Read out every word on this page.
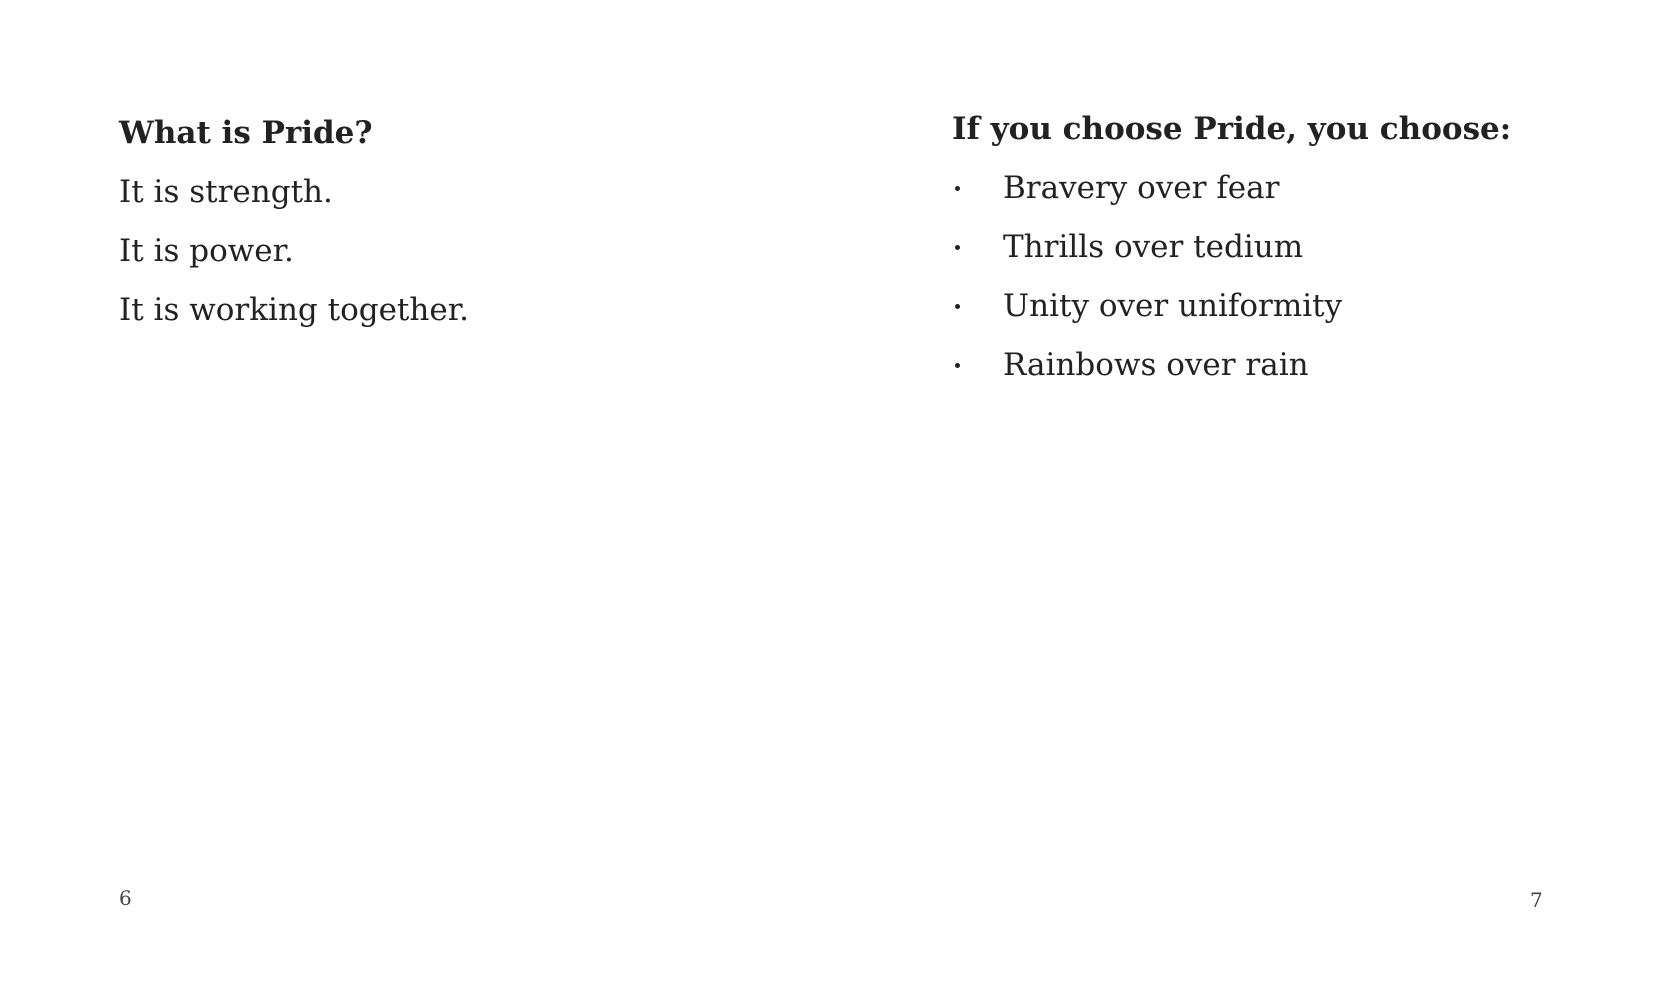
What is Pride?
It is strength.
It is power.
It is working together.
6
If you choose Pride, you choose:
Bravery over fear
Thrills over tedium
Unity over uniformity
Rainbows over rain
7
